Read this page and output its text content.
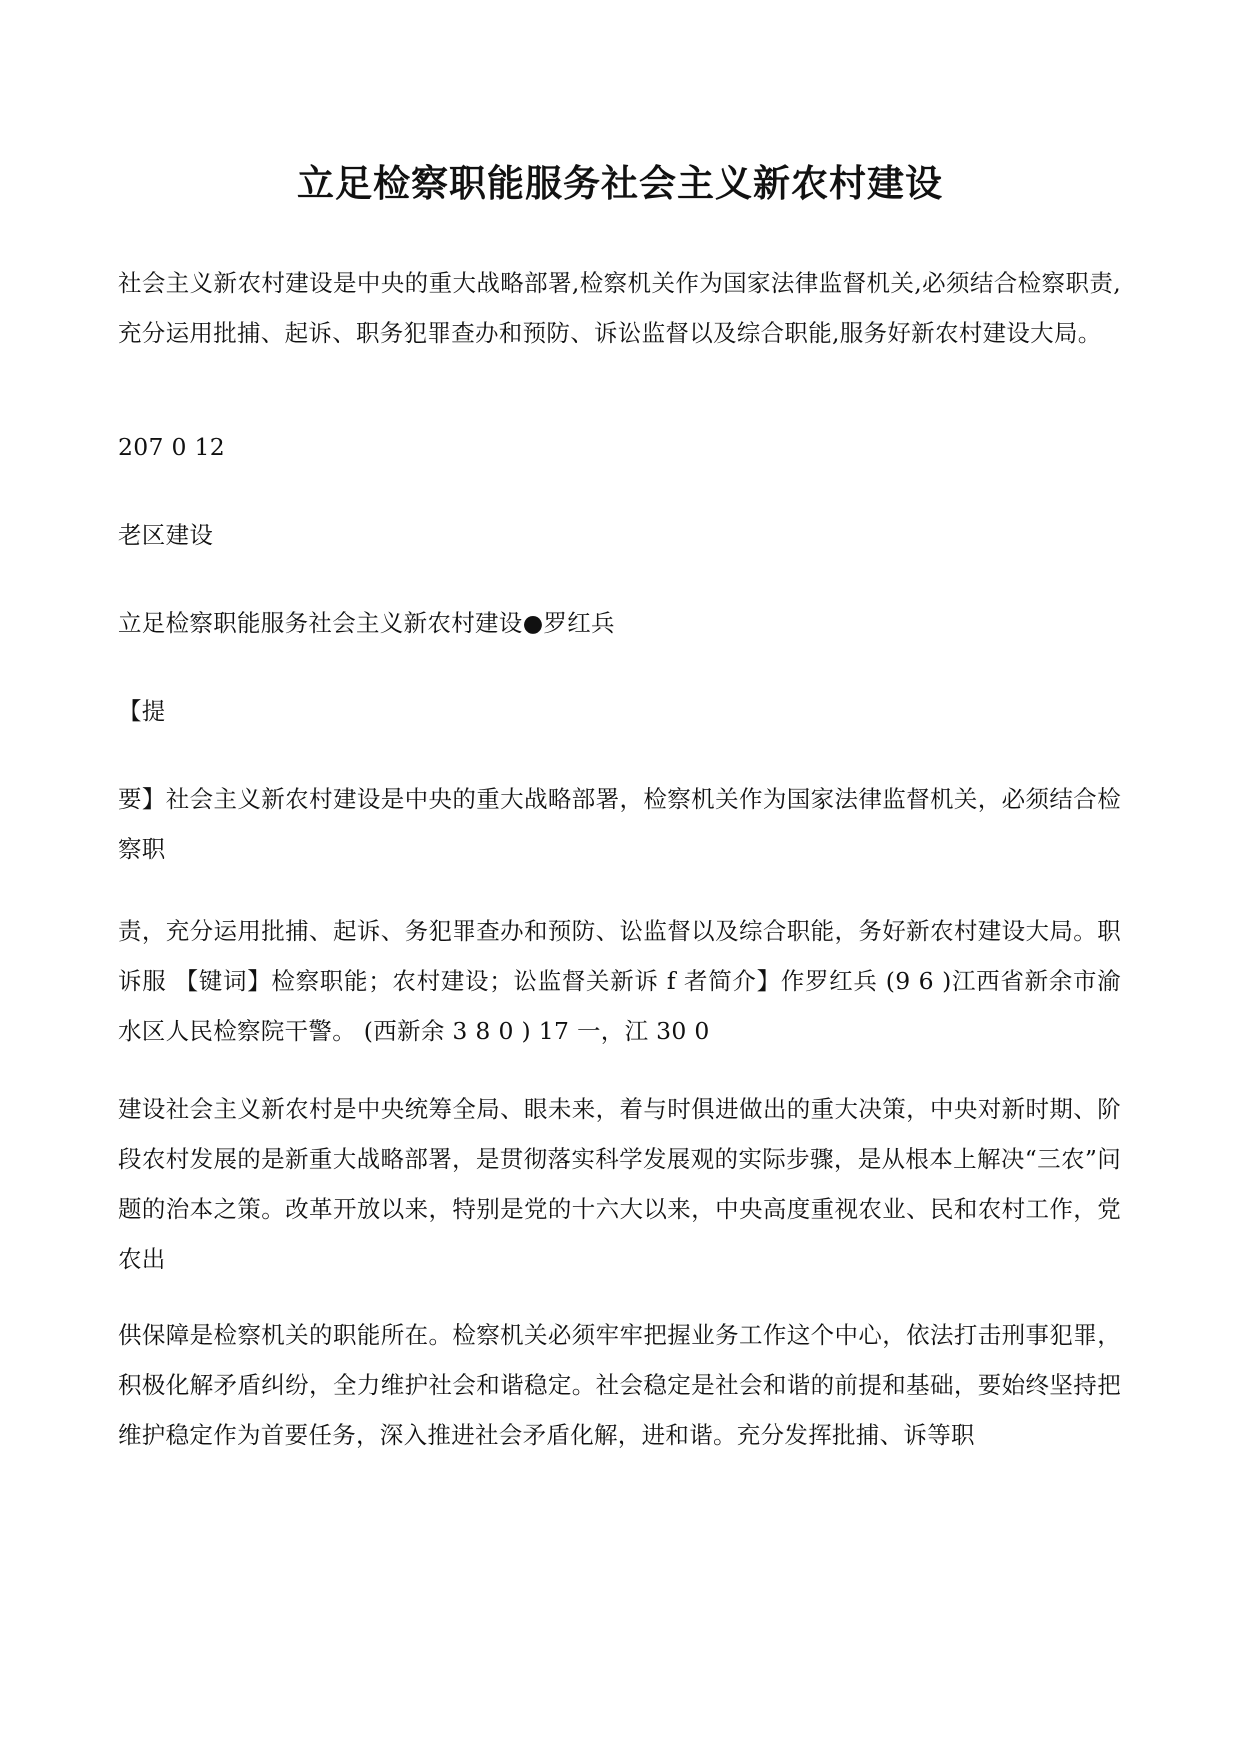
立足检察职能服务社会主义新农村建设
社会主义新农村建设是中央的重大战略部署,检察机关作为国家法律监督机关,必须结合检察职责,充分运用批捕、起诉、职务犯罪查办和预防、诉讼监督以及综合职能,服务好新农村建设大局。
207 0 12
老区建设
立足检察职能服务社会主义新农村建设●罗红兵
【提
要】社会主义新农村建设是中央的重大战略部署，检察机关作为国家法律监督机关，必须结合检察职
责，充分运用批捕、起诉、务犯罪查办和预防、讼监督以及综合职能，务好新农村建设大局。职诉服 【键词】检察职能；农村建设；讼监督关新诉 f 者简介】作罗红兵 (9 6 )江西省新余市渝水区人民检察院干警。 (西新余 3 8 0 ) 17 一，江 30 0
建设社会主义新农村是中央统筹全局、眼未来，着与时俱进做出的重大决策，中央对新时期、阶段农村发展的是新重大战略部署，是贯彻落实科学发展观的实际步骤，是从根本上解决“三农”问题的治本之策。改革开放以来，特别是党的十六大以来，中央高度重视农业、民和农村工作，党农出
供保障是检察机关的职能所在。检察机关必须牢牢把握业务工作这个中心，依法打击刑事犯罪，积极化解矛盾纠纷，全力维护社会和谐稳定。社会稳定是社会和谐的前提和基础，要始终坚持把维护稳定作为首要任务，深入推进社会矛盾化解，进和谐。充分发挥批捕、诉等职
